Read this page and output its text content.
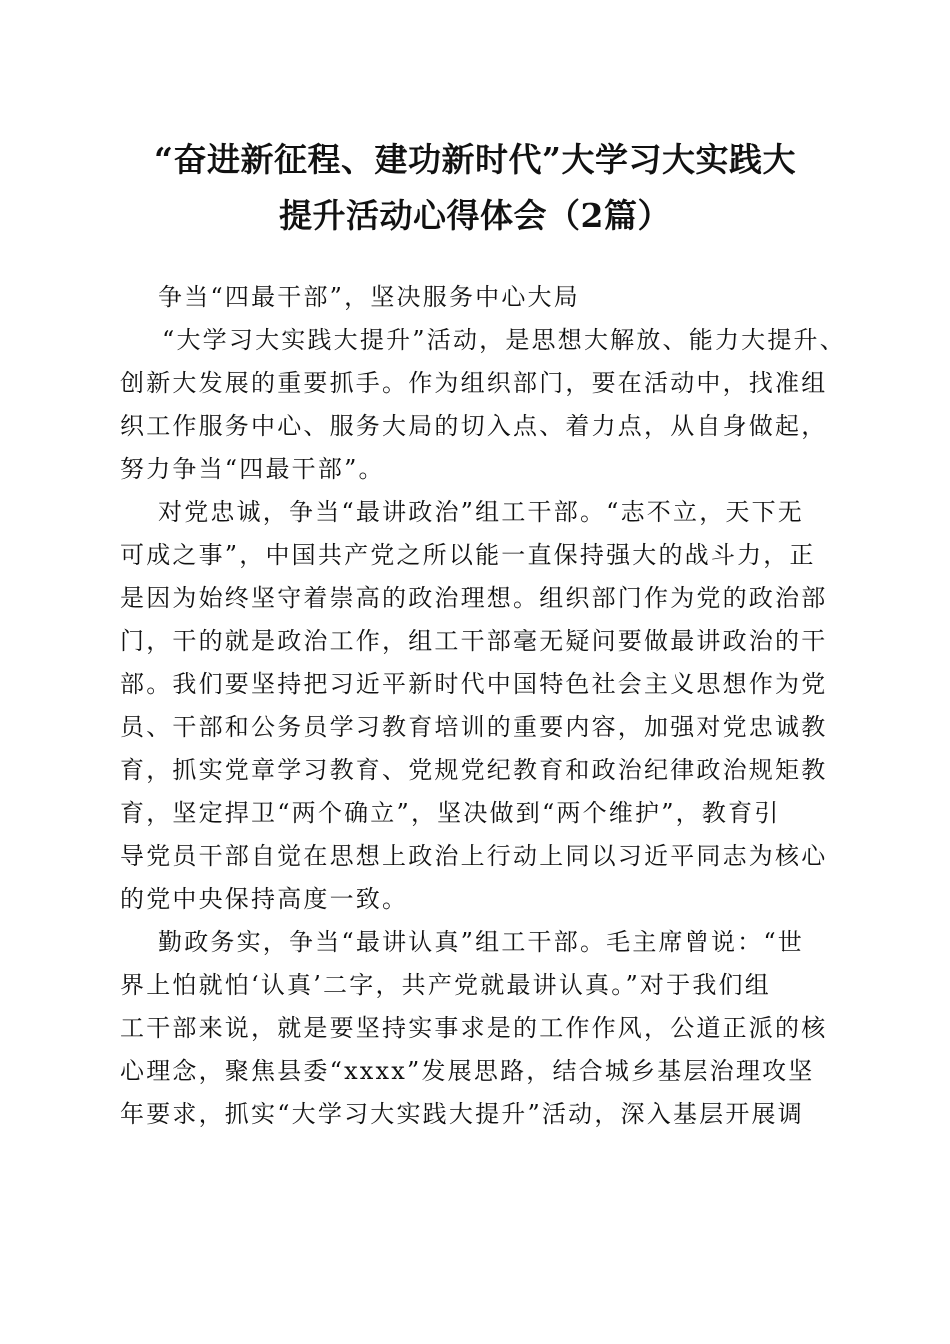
“奋进新征程、建功新时代”大学习大实践大
提升活动心得体会（2篇）
争当“四最干部”，坚决服务中心大局
“大学习大实践大提升”活动，是思想大解放、能力大提升、
创新大发展的重要抓手。作为组织部门，要在活动中，找准组
织工作服务中心、服务大局的切入点、着力点，从自身做起，
努力争当“四最干部”。
对党忠诚，争当“最讲政治”组工干部。“志不立，天下无
可成之事”，中国共产党之所以能一直保持强大的战斗力，正
是因为始终坚守着崇高的政治理想。组织部门作为党的政治部
门，干的就是政治工作，组工干部毫无疑问要做最讲政治的干
部。我们要坚持把习近平新时代中国特色社会主义思想作为党
员、干部和公务员学习教育培训的重要内容，加强对党忠诚教
育，抓实党章学习教育、党规党纪教育和政治纪律政治规矩教
育，坚定捍卫“两个确立”，坚决做到“两个维护”，教育引
导党员干部自觉在思想上政治上行动上同以习近平同志为核心
的党中央保持高度一致。
勤政务实，争当“最讲认真”组工干部。毛主席曾说：“世
界上怕就怕‘认真’二字，共产党就最讲认真。”对于我们组
工干部来说，就是要坚持实事求是的工作作风，公道正派的核
心理念，聚焦县委“xxxx”发展思路，结合城乡基层治理攻坚
年要求，抓实“大学习大实践大提升”活动，深入基层开展调
